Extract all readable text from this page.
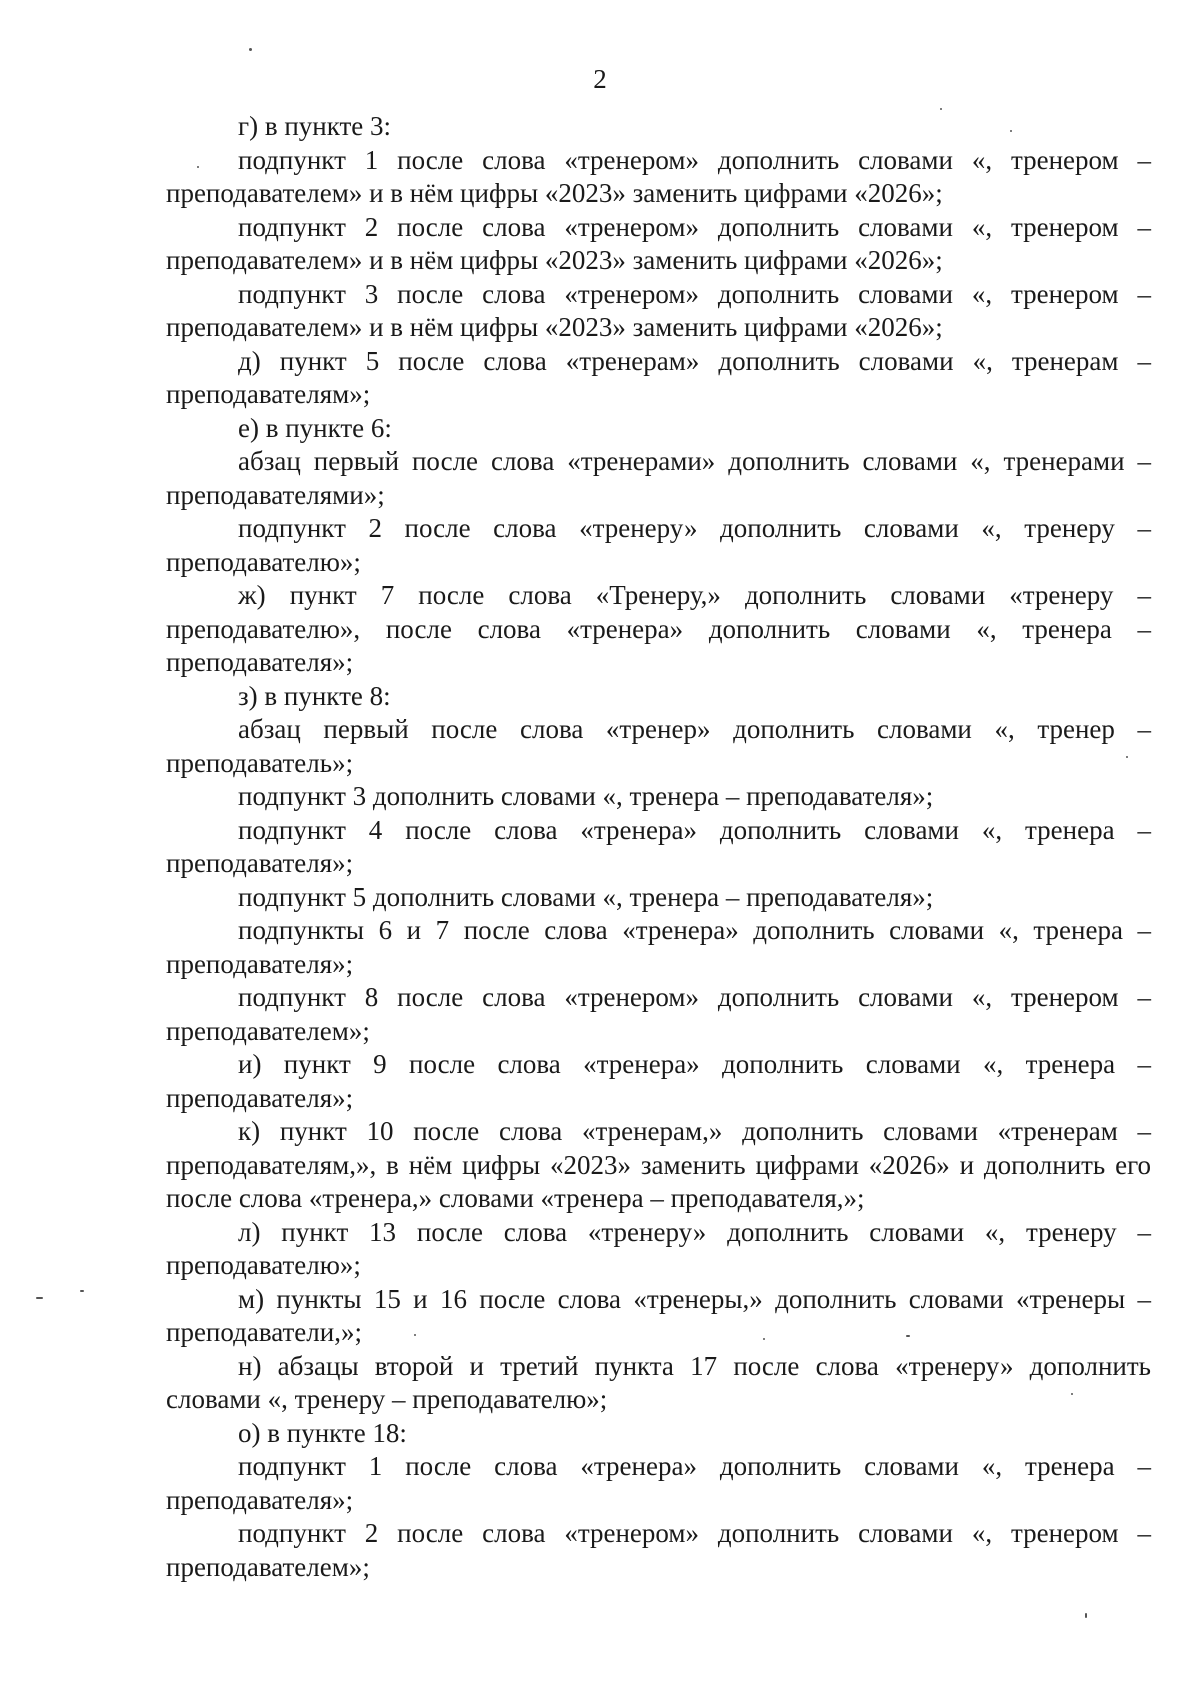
2

г) в пункте 3:

подпункт 1 после слова «тренером» дополнить словами «, тренером – преподавателем» и в нём цифры «2023» заменить цифрами «2026»;

подпункт 2 после слова «тренером» дополнить словами «, тренером – преподавателем» и в нём цифры «2023» заменить цифрами «2026»;

подпункт 3 после слова «тренером» дополнить словами «, тренером – преподавателем» и в нём цифры «2023» заменить цифрами «2026»;

д) пункт 5 после слова «тренерам» дополнить словами «, тренерам – преподавателям»;

е) в пункте 6:

абзац первый после слова «тренерами» дополнить словами «, тренерами – преподавателями»;

подпункт 2 после слова «тренеру» дополнить словами «, тренеру – преподавателю»;

ж) пункт 7 после слова «Тренеру,» дополнить словами «тренеру – преподавателю», после слова «тренера» дополнить словами «, тренера – преподавателя»;

з) в пункте 8:

абзац первый после слова «тренер» дополнить словами «, тренер – преподаватель»;

подпункт 3 дополнить словами «, тренера – преподавателя»;

подпункт 4 после слова «тренера» дополнить словами «, тренера – преподавателя»;

подпункт 5 дополнить словами «, тренера – преподавателя»;

подпункты 6 и 7 после слова «тренера» дополнить словами «, тренера – преподавателя»;

подпункт 8 после слова «тренером» дополнить словами «, тренером – преподавателем»;

и) пункт 9 после слова «тренера» дополнить словами «, тренера – преподавателя»;

к) пункт 10 после слова «тренерам,» дополнить словами «тренерам – преподавателям,», в нём цифры «2023» заменить цифрами «2026» и дополнить его после слова «тренера,» словами «тренера – преподавателя,»;

л) пункт 13 после слова «тренеру» дополнить словами «, тренеру – преподавателю»;

м) пункты 15 и 16 после слова «тренеры,» дополнить словами «тренеры – преподаватели,»;

н) абзацы второй и третий пункта 17 после слова «тренеру» дополнить словами «, тренеру – преподавателю»;

о) в пункте 18:

подпункт 1 после слова «тренера» дополнить словами «, тренера – преподавателя»;

подпункт 2 после слова «тренером» дополнить словами «, тренером – преподавателем»;
